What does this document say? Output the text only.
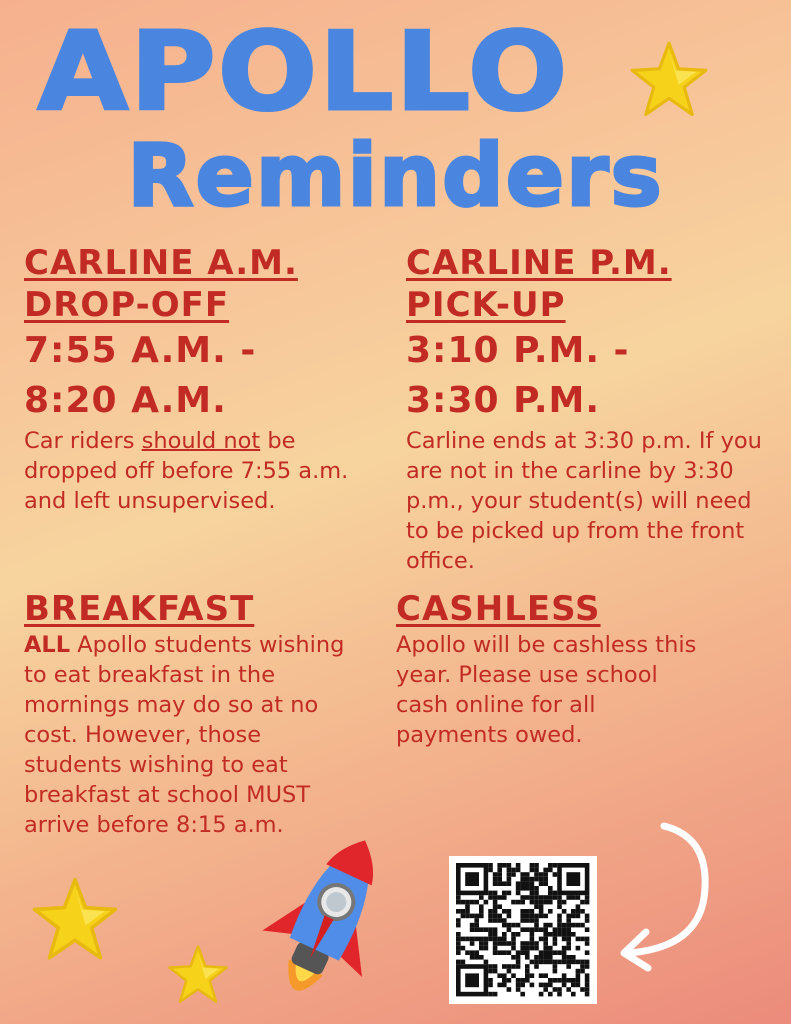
APOLLO
Reminders
CARLINE A.M.
DROP-OFF
7:55 A.M. -
8:20 A.M.
Car riders should not be dropped off before 7:55 a.m. and left unsupervised.
CARLINE P.M.
PICK-UP
3:10 P.M. -
3:30 P.M.
Carline ends at 3:30 p.m. If you are not in the carline by 3:30 p.m., your student(s) will need to be picked up from the front office.
BREAKFAST
ALL Apollo students wishing to eat breakfast in the mornings may do so at no cost. However, those students wishing to eat breakfast at school MUST arrive before 8:15 a.m.
CASHLESS
Apollo will be cashless this year. Please use school cash online for all payments owed.
